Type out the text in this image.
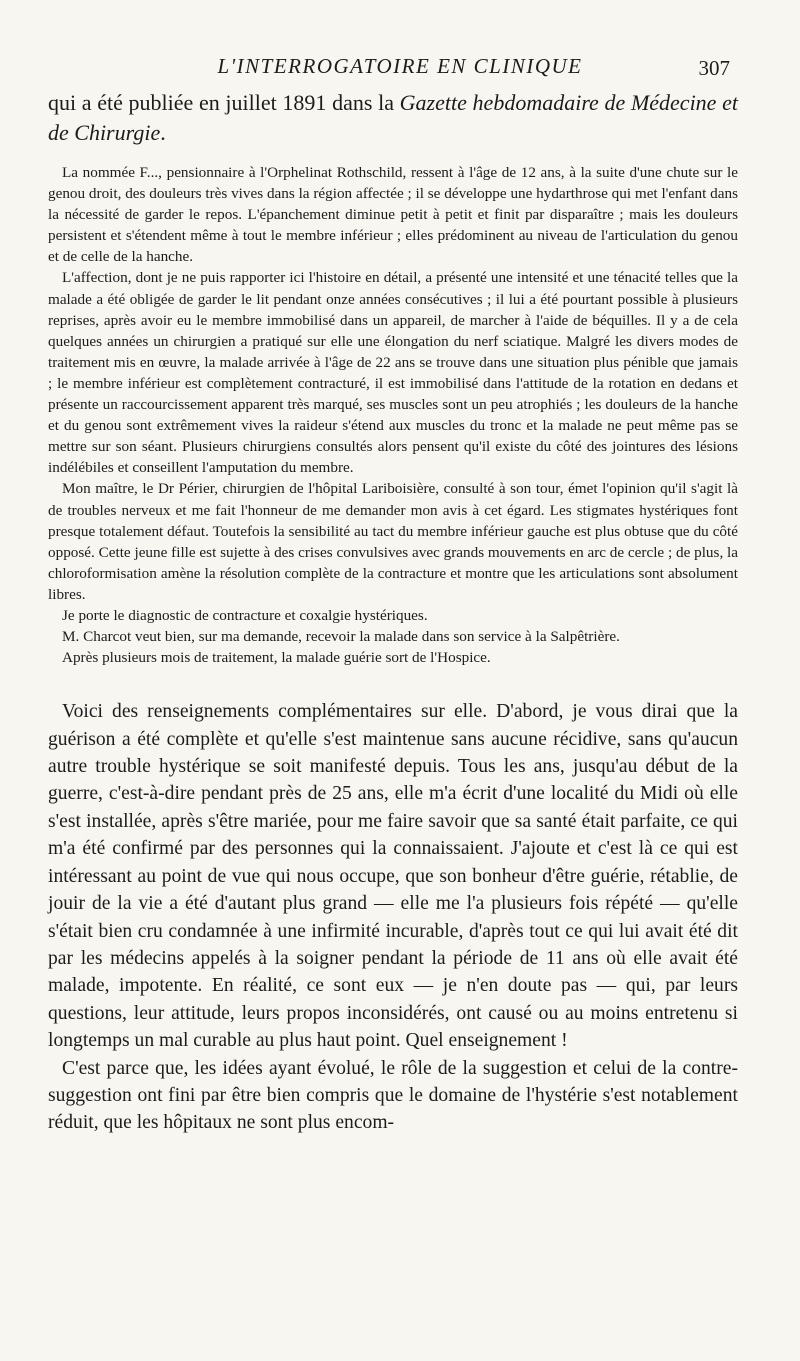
L'INTERROGATOIRE EN CLINIQUE	307

qui a été publiée en juillet 1891 dans la Gazette hebdomadaire de Médecine et de Chirurgie.

La nommée F..., pensionnaire à l'Orphelinat Rothschild, ressent à l'âge de 12 ans, à la suite d'une chute sur le genou droit, des douleurs très vives dans la région affectée ; il se développe une hydarthrose qui met l'enfant dans la nécessité de garder le repos. L'épanchement diminue petit à petit et finit par disparaître ; mais les douleurs persistent et s'étendent même à tout le membre inférieur ; elles prédominent au niveau de l'articulation du genou et de celle de la hanche.

L'affection, dont je ne puis rapporter ici l'histoire en détail, a présenté une intensité et une ténacité telles que la malade a été obligée de garder le lit pendant onze années consécutives ; il lui a été pourtant possible à plusieurs reprises, après avoir eu le membre immobilisé dans un appareil, de marcher à l'aide de béquilles. Il y a de cela quelques années un chirurgien a pratiqué sur elle une élongation du nerf sciatique. Malgré les divers modes de traitement mis en œuvre, la malade arrivée à l'âge de 22 ans se trouve dans une situation plus pénible que jamais ; le membre inférieur est complètement contracturé, il est immobilisé dans l'attitude de la rotation en dedans et présente un raccourcissement apparent très marqué, ses muscles sont un peu atrophiés ; les douleurs de la hanche et du genou sont extrêmement vives la raideur s'étend aux muscles du tronc et la malade ne peut même pas se mettre sur son séant. Plusieurs chirurgiens consultés alors pensent qu'il existe du côté des jointures des lésions indélébiles et conseillent l'amputation du membre.

Mon maître, le Dr Périer, chirurgien de l'hôpital Lariboisière, consulté à son tour, émet l'opinion qu'il s'agit là de troubles nerveux et me fait l'honneur de me demander mon avis à cet égard. Les stigmates hystériques font presque totalement défaut. Toutefois la sensibilité au tact du membre inférieur gauche est plus obtuse que du côté opposé. Cette jeune fille est sujette à des crises convulsives avec grands mouvements en arc de cercle ; de plus, la chloroformisation amène la résolution complète de la contracture et montre que les articulations sont absolument libres.

Je porte le diagnostic de contracture et coxalgie hystériques.

M. Charcot veut bien, sur ma demande, recevoir la malade dans son service à la Salpêtrière.

Après plusieurs mois de traitement, la malade guérie sort de l'Hospice.

Voici des renseignements complémentaires sur elle. D'abord, je vous dirai que la guérison a été complète et qu'elle s'est maintenue sans aucune récidive, sans qu'aucun autre trouble hystérique se soit manifesté depuis. Tous les ans, jusqu'au début de la guerre, c'est-à-dire pendant près de 25 ans, elle m'a écrit d'une localité du Midi où elle s'est installée, après s'être mariée, pour me faire savoir que sa santé était parfaite, ce qui m'a été confirmé par des personnes qui la connaissaient. J'ajoute et c'est là ce qui est intéressant au point de vue qui nous occupe, que son bonheur d'être guérie, rétablie, de jouir de la vie a été d'autant plus grand — elle me l'a plusieurs fois répété — qu'elle s'était bien cru condamnée à une infirmité incurable, d'après tout ce qui lui avait été dit par les médecins appelés à la soigner pendant la période de 11 ans où elle avait été malade, impotente. En réalité, ce sont eux — je n'en doute pas — qui, par leurs questions, leur attitude, leurs propos inconsidérés, ont causé ou au moins entretenu si longtemps un mal curable au plus haut point. Quel enseignement !

C'est parce que, les idées ayant évolué, le rôle de la suggestion et celui de la contre-suggestion ont fini par être bien compris que le domaine de l'hystérie s'est notablement réduit, que les hôpitaux ne sont plus encom-
